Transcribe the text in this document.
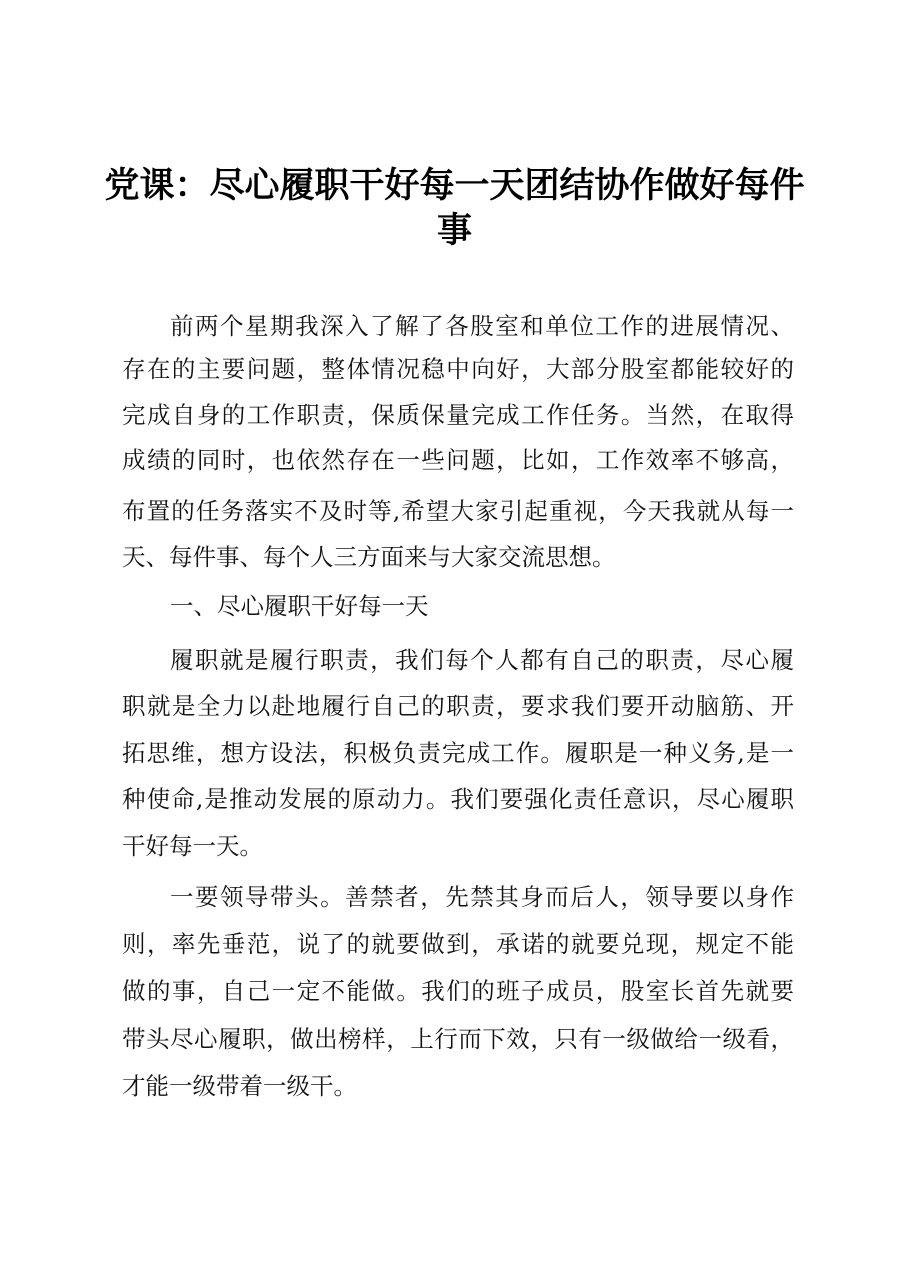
党课：尽心履职干好每一天团结协作做好每件
事
前两个星期我深入了解了各股室和单位工作的进展情况、
存在的主要问题，整体情况稳中向好，大部分股室都能较好的
完成自身的工作职责，保质保量完成工作任务。当然，在取得
成绩的同时，也依然存在一些问题，比如，工作效率不够高，
布置的任务落实不及时等,希望大家引起重视，今天我就从每一
天、每件事、每个人三方面来与大家交流思想。
一、尽心履职干好每一天
履职就是履行职责，我们每个人都有自己的职责，尽心履
职就是全力以赴地履行自己的职责，要求我们要开动脑筋、开
拓思维，想方设法，积极负责完成工作。履职是一种义务,是一
种使命,是推动发展的原动力。我们要强化责任意识，尽心履职
干好每一天。
一要领导带头。善禁者，先禁其身而后人，领导要以身作
则，率先垂范，说了的就要做到，承诺的就要兑现，规定不能
做的事，自己一定不能做。我们的班子成员，股室长首先就要
带头尽心履职，做出榜样，上行而下效，只有一级做给一级看，
才能一级带着一级干。
